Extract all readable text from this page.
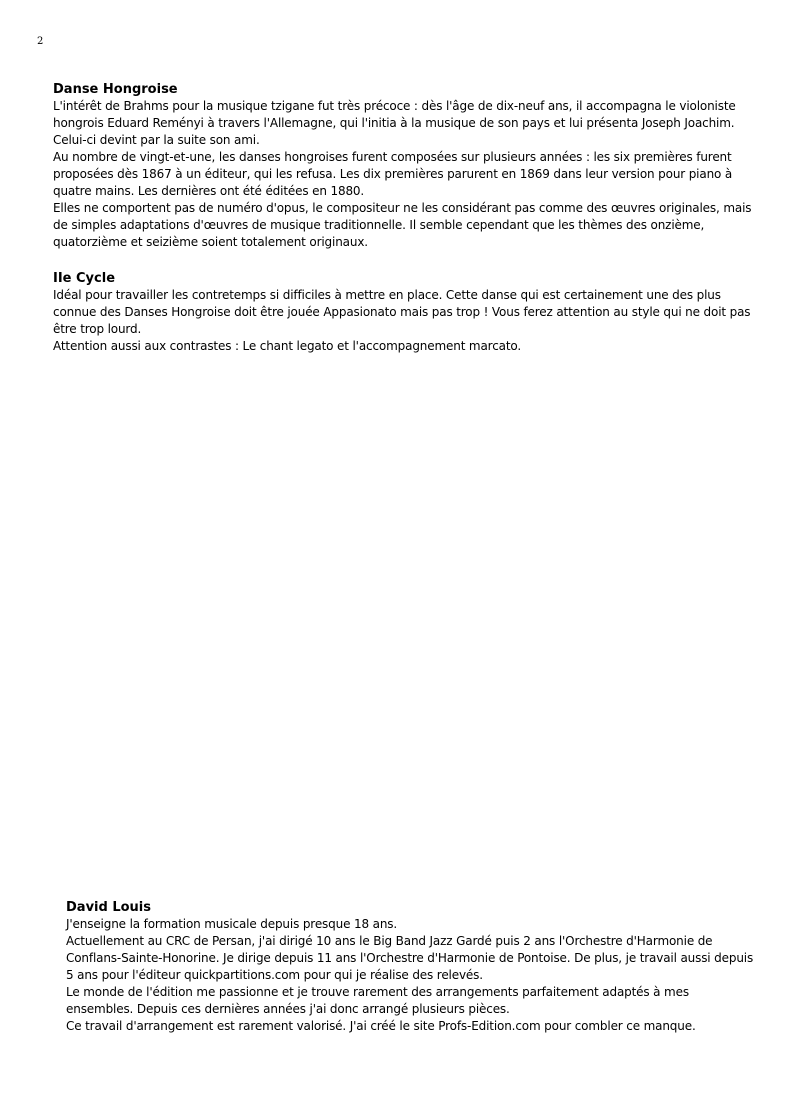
2
Danse Hongroise

L'intérêt de Brahms pour la musique tzigane fut très précoce : dès l'âge de dix-neuf ans, il accompagna le violoniste hongrois Eduard Reményi à travers l'Allemagne, qui l'initia à la musique de son pays et lui présenta Joseph Joachim. Celui-ci devint par la suite son ami.

Au nombre de vingt-et-une, les danses hongroises furent composées sur plusieurs années : les six premières furent proposées dès 1867 à un éditeur, qui les refusa. Les dix premières parurent en 1869 dans leur version pour piano à quatre mains. Les dernières ont été éditées en 1880.

Elles ne comportent pas de numéro d'opus, le compositeur ne les considérant pas comme des œuvres originales, mais de simples adaptations d'œuvres de musique traditionnelle. Il semble cependant que les thèmes des onzième, quatorzième et seizième soient totalement originaux.

IIe Cycle

Idéal pour travailler les contretemps si difficiles à mettre en place. Cette danse qui est certainement une des plus connue des Danses Hongroise doit être jouée Appasionato mais pas trop ! Vous ferez attention au style qui ne doit pas être trop lourd.

Attention aussi aux contrastes : Le chant legato et l'accompagnement marcato.

David Louis

J'enseigne la formation musicale depuis presque 18 ans.

Actuellement au CRC de Persan, j'ai dirigé 10 ans le Big Band Jazz Gardé puis 2 ans l'Orchestre d'Harmonie de Conflans-Sainte-Honorine. Je dirige depuis 11 ans l'Orchestre d'Harmonie de Pontoise. De plus, je travail aussi depuis 5 ans pour l'éditeur quickpartitions.com pour qui je réalise des relevés.

Le monde de l'édition me passionne et je trouve rarement des arrangements parfaitement adaptés à mes ensembles. Depuis ces dernières années j'ai donc arrangé plusieurs pièces.

Ce travail d'arrangement est rarement valorisé. J'ai créé le site Profs-Edition.com pour combler ce manque.
